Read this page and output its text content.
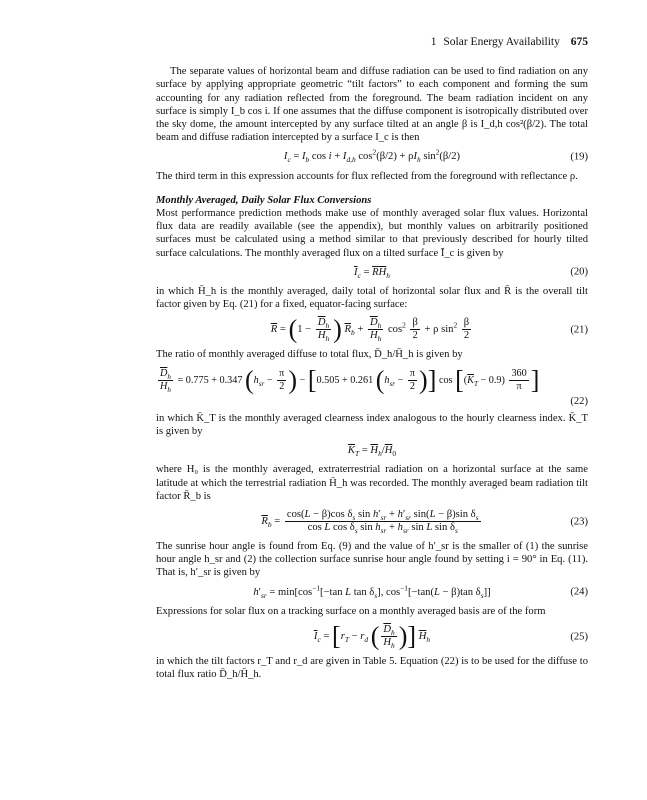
1 Solar Energy Availability 675

The separate values of horizontal beam and diffuse radiation can be used to find radiation on any surface by applying appropriate geometric “tilt factors” to each component and forming the sum accounting for any radiation reflected from the foreground. The beam radiation incident on any surface is simply I_b cos i. If one assumes that the diffuse component is isotropically distributed over the sky dome, the amount intercepted by any surface tilted at an angle β is I_d,h cos²(β/2). The total beam and diffuse radiation intercepted by a surface I_c is then

$I_c = I_b$ $\cos i + I_{d,h}$ $\cos^2(\beta/2) + \rho I_h$ $\sin^2(\beta/2)$	(19)

The third term in this expression accounts for flux reflected from the foreground with reflectance ρ.

Monthly Averaged, Daily Solar Flux Conversions

Most performance prediction methods make use of monthly averaged solar flux values. Horizontal flux data are readily available (see the appendix), but monthly values on arbitrarily positioned surfaces must be calculated using a method similar to that previously described for hourly tilted surface calculations. The monthly averaged flux on a tilted surface Ī_c is given by

$\overline{I}_c = \overline{R}\overline{H}_h$	(20)

in which H̄_h is the monthly averaged, daily total of horizontal solar flux and R̄ is the overall tilt factor given by Eq. (21) for a fixed, equator-facing surface:

$\overline{R} = (1 - \frac{\overline{D}_h}{\overline{H}_h}$ ) $\overline{R}_b + \frac{\overline{D}_h}{\overline{H}_h} \cos^2 \frac{\beta}{2} + \rho$ $\sin^2 \frac{\beta}{2}$	(21)

The ratio of monthly averaged diffuse to total flux, D̄_h/H̄_h is given by

$\frac{\overline{D}_h}{\overline{H}_h} = 0.775 + 0.347$ ($h_{sr} - \frac{\pi}{2}$ ) − [0.505 + 0.261 ($h_{sr} - \frac{\pi}{2}$ )] $\cos [(\overline{K}_T - 0.9) \frac{360}{\pi}$ ]
(22)

in which K̄_T is the monthly averaged clearness index analogous to the hourly clearness index. K̄_T is given by

$\overline{K}_T = \overline{H}_h/\overline{H}_0$

where H₀ is the monthly averaged, extraterrestrial radiation on a horizontal surface at the same latitude at which the terrestrial radiation H̄_h was recorded. The monthly averaged beam radiation tilt factor R̄_b is

$\overline{R}_b = \frac{\cos(L - \beta)\cos \delta_s \sin h'_{sr} + h'_{sr} \sin(L - \beta)\sin \delta_s}{\cos L \cos \delta_s \sin h_{sr} + h_{sr} \sin L \sin \delta_s}$	(23)

The sunrise hour angle is found from Eq. (9) and the value of h′_sr is the smaller of (1) the sunrise hour angle h_sr and (2) the collection surface sunrise hour angle found by setting i = 90° in Eq. (11). That is, h′_sr is given by

$h'_{sr} = \min[\cos^{-1}[-\tan$ L $\tan \delta_s$], $\cos^{-1}[-\tan(L - \beta)\tan$ $\delta_s$]]	(24)

Expressions for solar flux on a tracking surface on a monthly averaged basis are of the form

$\overline{I}_c = [r_T - r_d$ ( $\frac{\overline{D}_h}{\overline{H}_h}$ )] $\overline{H}_h$	(25)

in which the tilt factors r_T and r_d are given in Table 5. Equation (22) is to be used for the diffuse to total flux ratio D̄_h/H̄_h.
